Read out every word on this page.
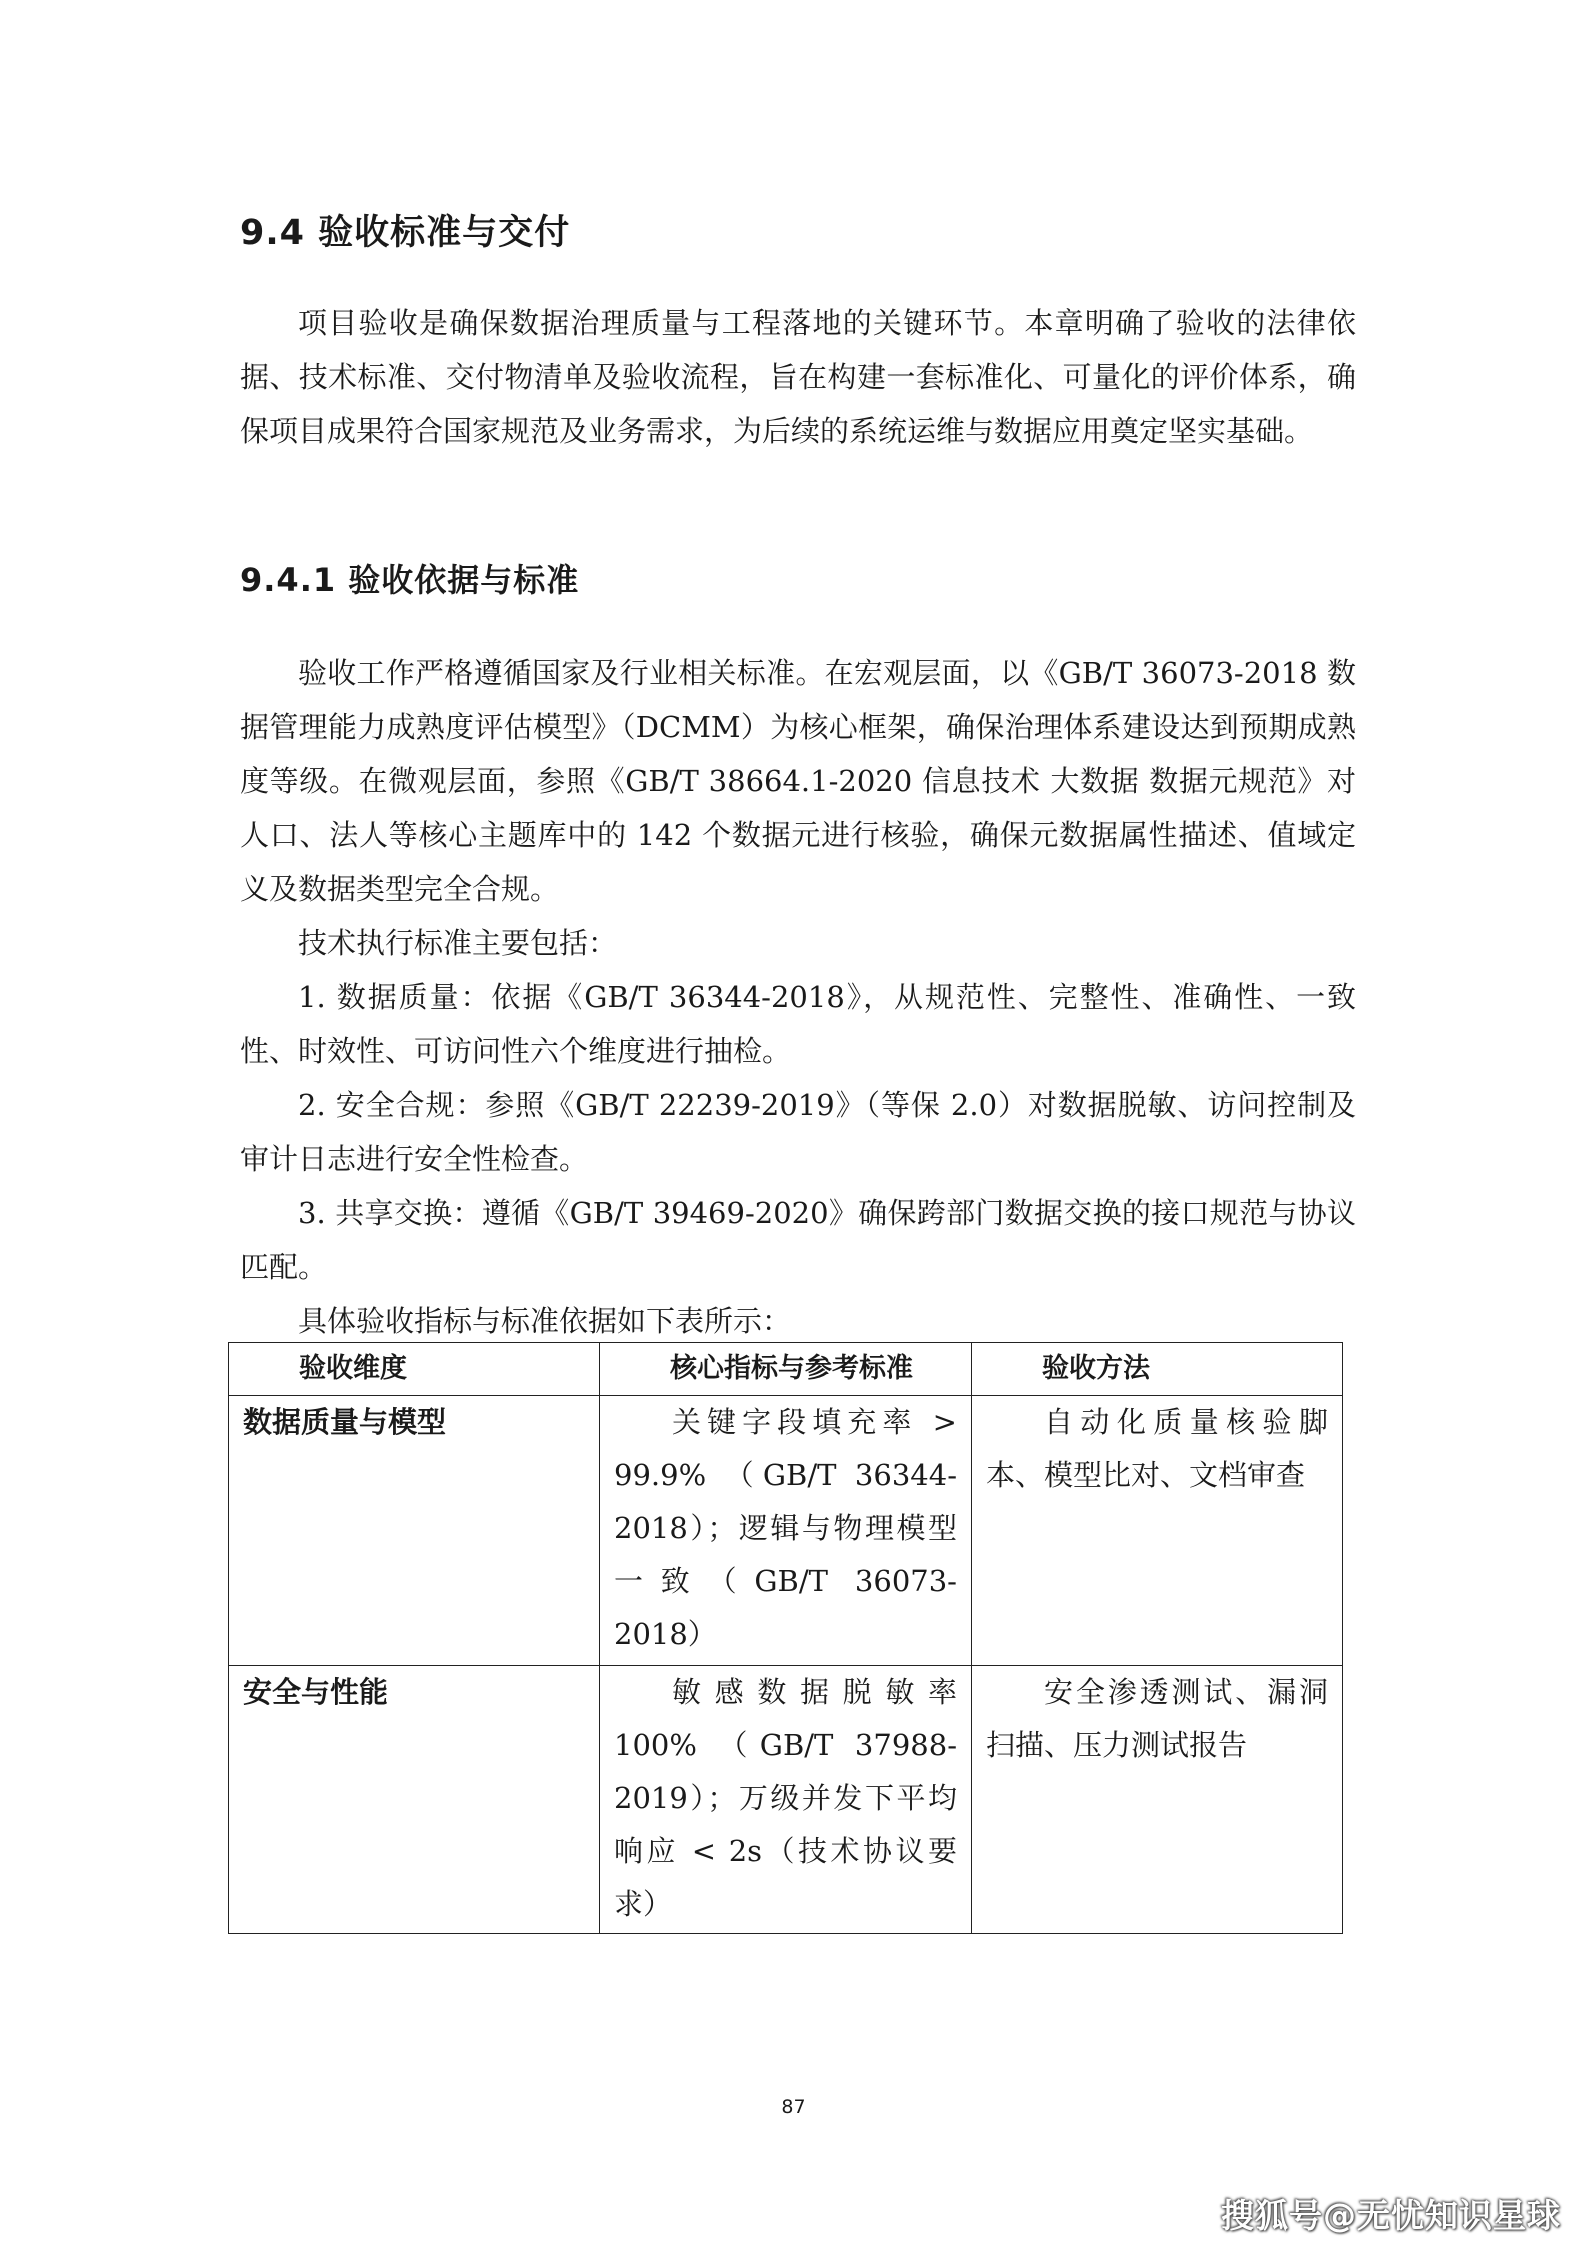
9.4 验收标准与交付

项目验收是确保数据治理质量与工程落地的关键环节。本章明确了验收的法律依据、技术标准、交付物清单及验收流程，旨在构建一套标准化、可量化的评价体系，确保项目成果符合国家规范及业务需求，为后续的系统运维与数据应用奠定坚实基础。

9.4.1 验收依据与标准

验收工作严格遵循国家及行业相关标准。在宏观层面，以《GB/T 36073-2018 数据管理能力成熟度评估模型》（DCMM）为核心框架，确保治理体系建设达到预期成熟度等级。在微观层面，参照《GB/T 38664.1-2020 信息技术 大数据 数据元规范》对人口、法人等核心主题库中的 142 个数据元进行核验，确保元数据属性描述、值域定义及数据类型完全合规。

技术执行标准主要包括：

1. 数据质量：依据《GB/T 36344-2018》，从规范性、完整性、准确性、一致性、时效性、可访问性六个维度进行抽检。

2. 安全合规：参照《GB/T 22239-2019》（等保 2.0）对数据脱敏、访问控制及审计日志进行安全性检查。

3. 共享交换：遵循《GB/T 39469-2020》确保跨部门数据交换的接口规范与协议匹配。

具体验收指标与标准依据如下表所示：

验收维度	核心指标与参考标准	验收方法
数据质量与模型	关键字段填充率 > 99.9% （GB/T 36344-2018）；逻辑与物理模型一致（GB/T 36073-2018）	自动化质量核验脚本、模型比对、文档审查
安全与性能	敏感数据脱敏率 100% （GB/T 37988-2019）；万级并发下平均响应 < 2s（技术协议要求）	安全渗透测试、漏洞扫描、压力测试报告
87
搜狐号@无忧知识星球
